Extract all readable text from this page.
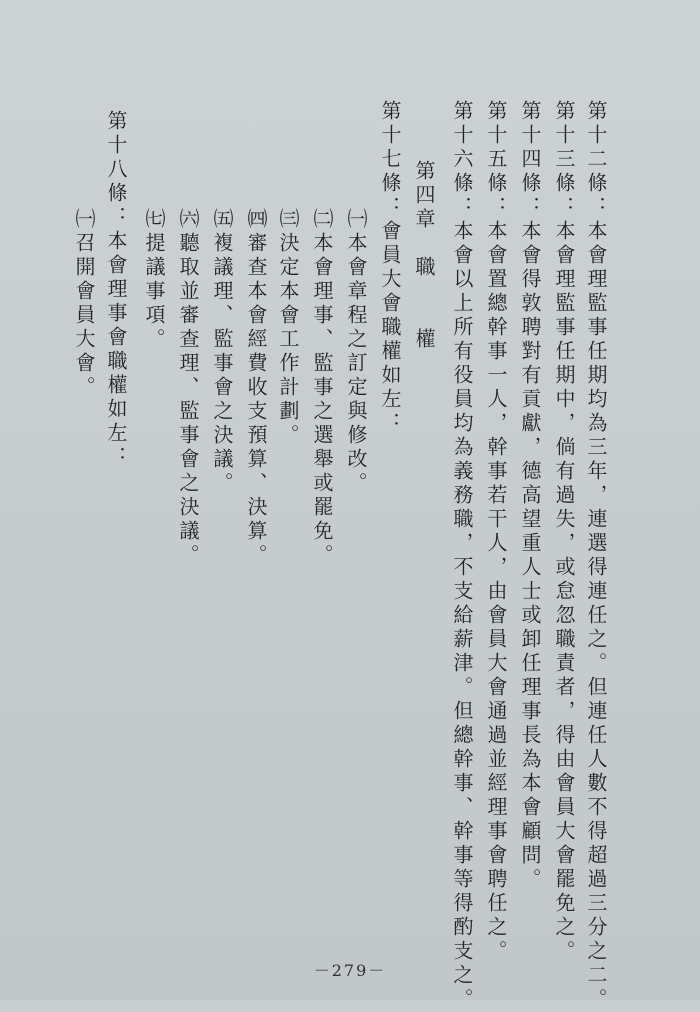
第十二條：本會理監事任期均為三年，連選得連任之。但連任人數不得超過三分之二。

第十三條：本會理監事任期中，倘有過失，或怠忽職責者，得由會員大會罷免之。

第十四條：本會得敦聘對有貢獻，德高望重人士或卸任理事長為本會顧問。

第十五條：本會置總幹事一人，幹事若干人，由會員大會通過並經理事會聘任之。

第十六條：本會以上所有役員均為義務職，不支給薪津。但總幹事、幹事等得酌支之。

第四章　職　　權

第十七條：會員大會職權如左：

㈠本會章程之訂定與修改。

㈡本會理事、監事之選舉或罷免。

㈢決定本會工作計劃。

㈣審查本會經費收支預算、決算。

㈤複議理、監事會之決議。

㈥聽取並審查理、監事會之決議。

㈦提議事項。

第十八條：本會理事會職權如左：

㈠召開會員大會。

－279－
